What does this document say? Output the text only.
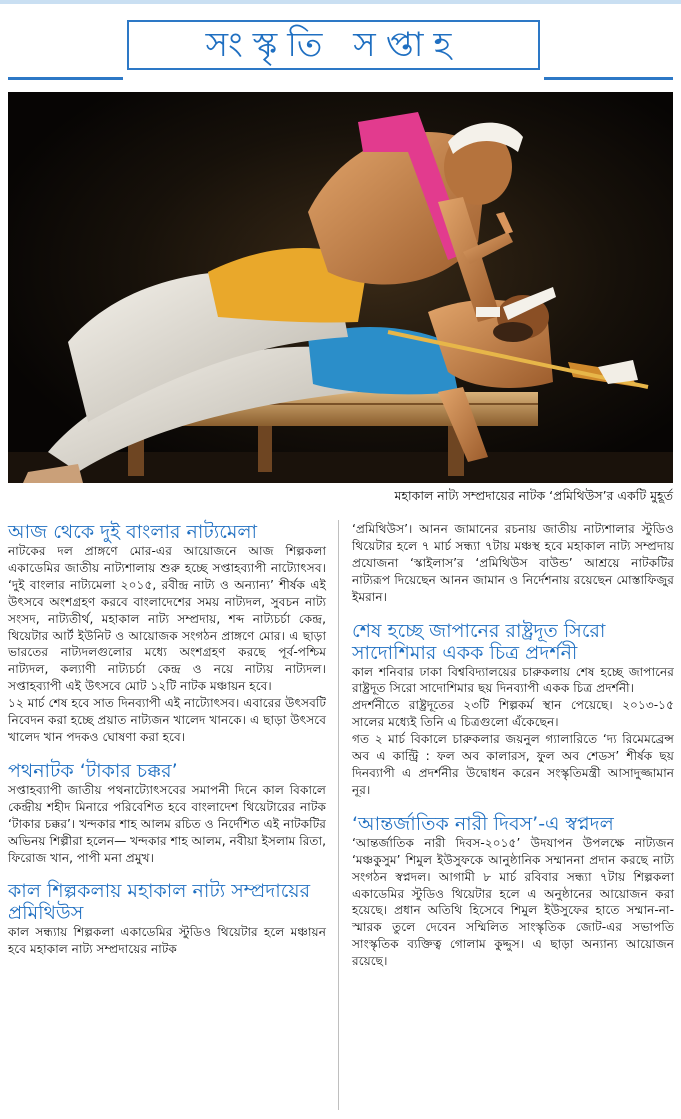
সংস্কৃতি সপ্তাহ
মহাকাল নাট্য সম্প্রদায়ের নাটক ‘প্রমিথিউস’র একটি মুহূর্ত
আজ থেকে দুই বাংলার নাট্যমেলা

নাটকের দল প্রাঙ্গণে মোর-এর আয়োজনে আজ শিল্পকলা একাডেমির জাতীয় নাট্যশালায় শুরু হচ্ছে সপ্তাহব্যাপী নাট্যোৎসব। ‘দুই বাংলার নাট্যমেলা ২০১৫, রবীন্দ্র নাট্য ও অন্যান্য’ শীর্ষক এই উৎসবে অংশগ্রহণ করবে বাংলাদেশের সময় নাট্যদল, সুবচন নাট্য সংসদ, নাট্যতীর্থ, মহাকাল নাট্য সম্প্রদায়, শব্দ নাট্যচর্চা কেন্দ্র, থিয়েটার আর্ট ইউনিট ও আয়োজক সংগঠন প্রাঙ্গণে মোর। এ ছাড়া ভারতের নাট্যদলগুলোর মধ্যে অংশগ্রহণ করছে পূর্ব-পশ্চিম নাট্যদল, কল্যাণী নাট্যচর্চা কেন্দ্র ও নয়ে নাট্যয় নাট্যদল। সপ্তাহব্যাপী এই উৎসবে মোট ১২টি নাটক মঞ্চায়ন হবে।

১২ মার্চ শেষ হবে সাত দিনব্যাপী এই নাট্যোৎসব। এবারের উৎসবটি নিবেদন করা হচ্ছে প্রয়াত নাট্যজন খালেদ খানকে। এ ছাড়া উৎসবে খালেদ খান পদকও ঘোষণা করা হবে।

পথনাটক ‘টাকার চক্কর’

সপ্তাহব্যাপী জাতীয় পথনাট্যোৎসবের সমাপনী দিনে কাল বিকালে কেন্দ্রীয় শহীদ মিনারে পরিবেশিত হবে বাংলাদেশ থিয়েটারের নাটক ‘টাকার চক্কর’। খন্দকার শাহ আলম রচিত ও নির্দেশিত এই নাটকটির অভিনয় শিল্পীরা হলেন— খন্দকার শাহ আলম, নবীয়া ইসলাম রিতা, ফিরোজ খান, পাপী মনা প্রমুখ।

কাল শিল্পকলায় মহাকাল নাট্য সম্প্রদায়ের প্রমিথিউস

কাল সন্ধ্যায় শিল্পকলা একাডেমির স্টুডিও থিয়েটার হলে মঞ্চায়ন হবে মহাকাল নাট্য সম্প্রদায়ের নাটক

‘প্রমিথিউস’। আনন জামানের রচনায় জাতীয় নাট্যশালার স্টুডিও থিয়েটার হলে ৭ মার্চ সন্ধ্যা ৭টায় মঞ্চস্থ হবে মহাকাল নাট্য সম্প্রদায় প্রযোজনা ‘স্কাইলাস’র ‘প্রমিথিউস বাউন্ড’ আশ্রয়ে নাটকটির নাট্যরূপ দিয়েছেন আনন জামান ও নির্দেশনায় রয়েছেন মোস্তাফিজুর ইমরান।

শেষ হচ্ছে জাপানের রাষ্ট্রদূত সিরো সাদোশিমার একক চিত্র প্রদর্শনী

কাল শনিবার ঢাকা বিশ্ববিদ্যালয়ের চারুকলায় শেষ হচ্ছে জাপানের রাষ্ট্রদূত সিরো সাদোশিমার ছয় দিনব্যাপী একক চিত্র প্রদর্শনী।

প্রদর্শনীতে রাষ্ট্রদূতের ২৩টি শিল্পকর্ম স্থান পেয়েছে। ২০১৩-১৫ সালের মধ্যেই তিনি এ চিত্রগুলো এঁকেছেন।

গত ২ মার্চ বিকালে চারুকলার জয়নুল গ্যালারিতে ‘দ্য রিমেমব্রেন্স অব এ কান্ট্রি : ফল অব কালারস, ফুল অব শেডস’ শীর্ষক ছয় দিনব্যাপী এ প্রদর্শনীর উদ্বোধন করেন সংস্কৃতিমন্ত্রী আসাদুজ্জামান নূর।

‘আন্তর্জাতিক নারী দিবস’-এ স্বপ্নদল

‘আন্তর্জাতিক নারী দিবস-২০১৫’ উদযাপন উপলক্ষে নাট্যজন ‘মঞ্চকুসুম’ শিমুল ইউসুফকে আনুষ্ঠানিক সম্মাননা প্রদান করছে নাট্য সংগঠন স্বপ্নদল। আগামী ৮ মার্চ রবিবার সন্ধ্যা ৭টায় শিল্পকলা একাডেমির স্টুডিও থিয়েটার হলে এ অনুষ্ঠানের আয়োজন করা হয়েছে। প্রধান অতিথি হিসেবে শিমুল ইউসুফের হাতে সম্মান-না-স্মারক তুলে দেবেন সম্মিলিত সাংস্কৃতিক জোট-এর সভাপতি সাংস্কৃতিক ব্যক্তিত্ব গোলাম কুদ্দুস। এ ছাড়া অন্যান্য আয়োজন রয়েছে।
